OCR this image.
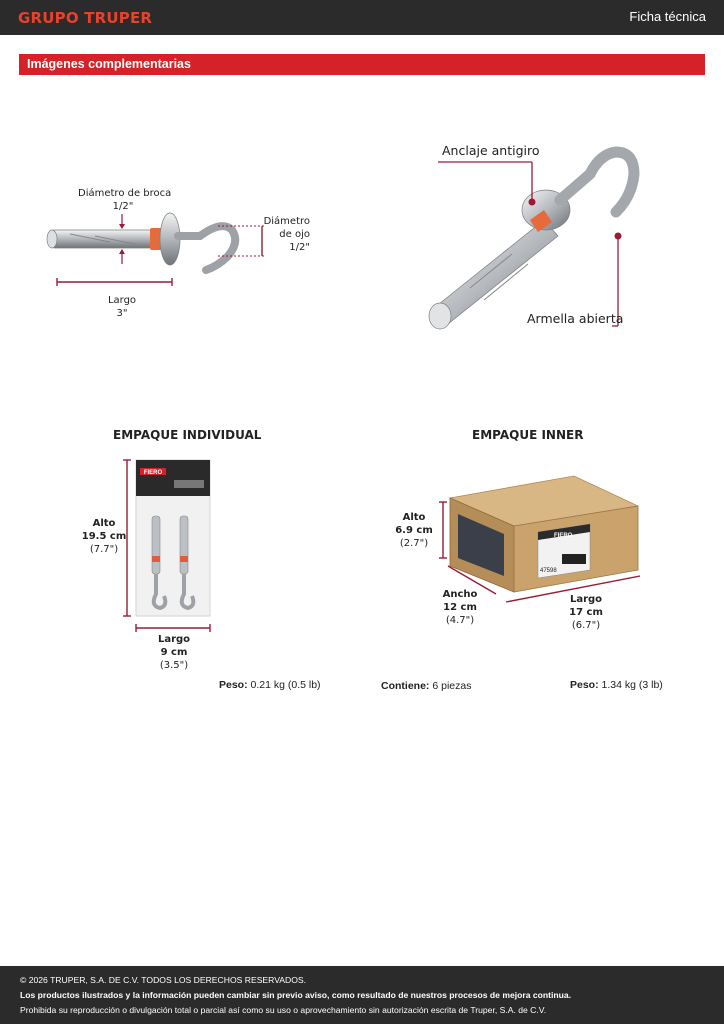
GRUPO TRUPER	Ficha técnica
Imágenes complementarias
Diámetro de broca
1/2"
Diámetro
de ojo
1/2"
Largo
3"
Anclaje antigiro
Armella abierta
EMPAQUE INDIVIDUAL
FIERO
Alto
19.5 cm
(7.7")
Largo
9 cm
(3.5")
Peso: 0.21 kg (0.5 lb)
EMPAQUE INNER
FIERO
47598
Alto
6.9 cm
(2.7")
Ancho
12 cm
(4.7")
Largo
17 cm
(6.7")
Contiene: 6 piezas	Peso: 1.34 kg (3 lb)
© 2026 TRUPER, S.A. DE C.V. TODOS LOS DERECHOS RESERVADOS.
Los productos ilustrados y la información pueden cambiar sin previo aviso, como resultado de nuestros procesos de mejora continua.
Prohibida su reproducción o divulgación total o parcial así como su uso o aprovechamiento sin autorización escrita de Truper, S.A. de C.V.
